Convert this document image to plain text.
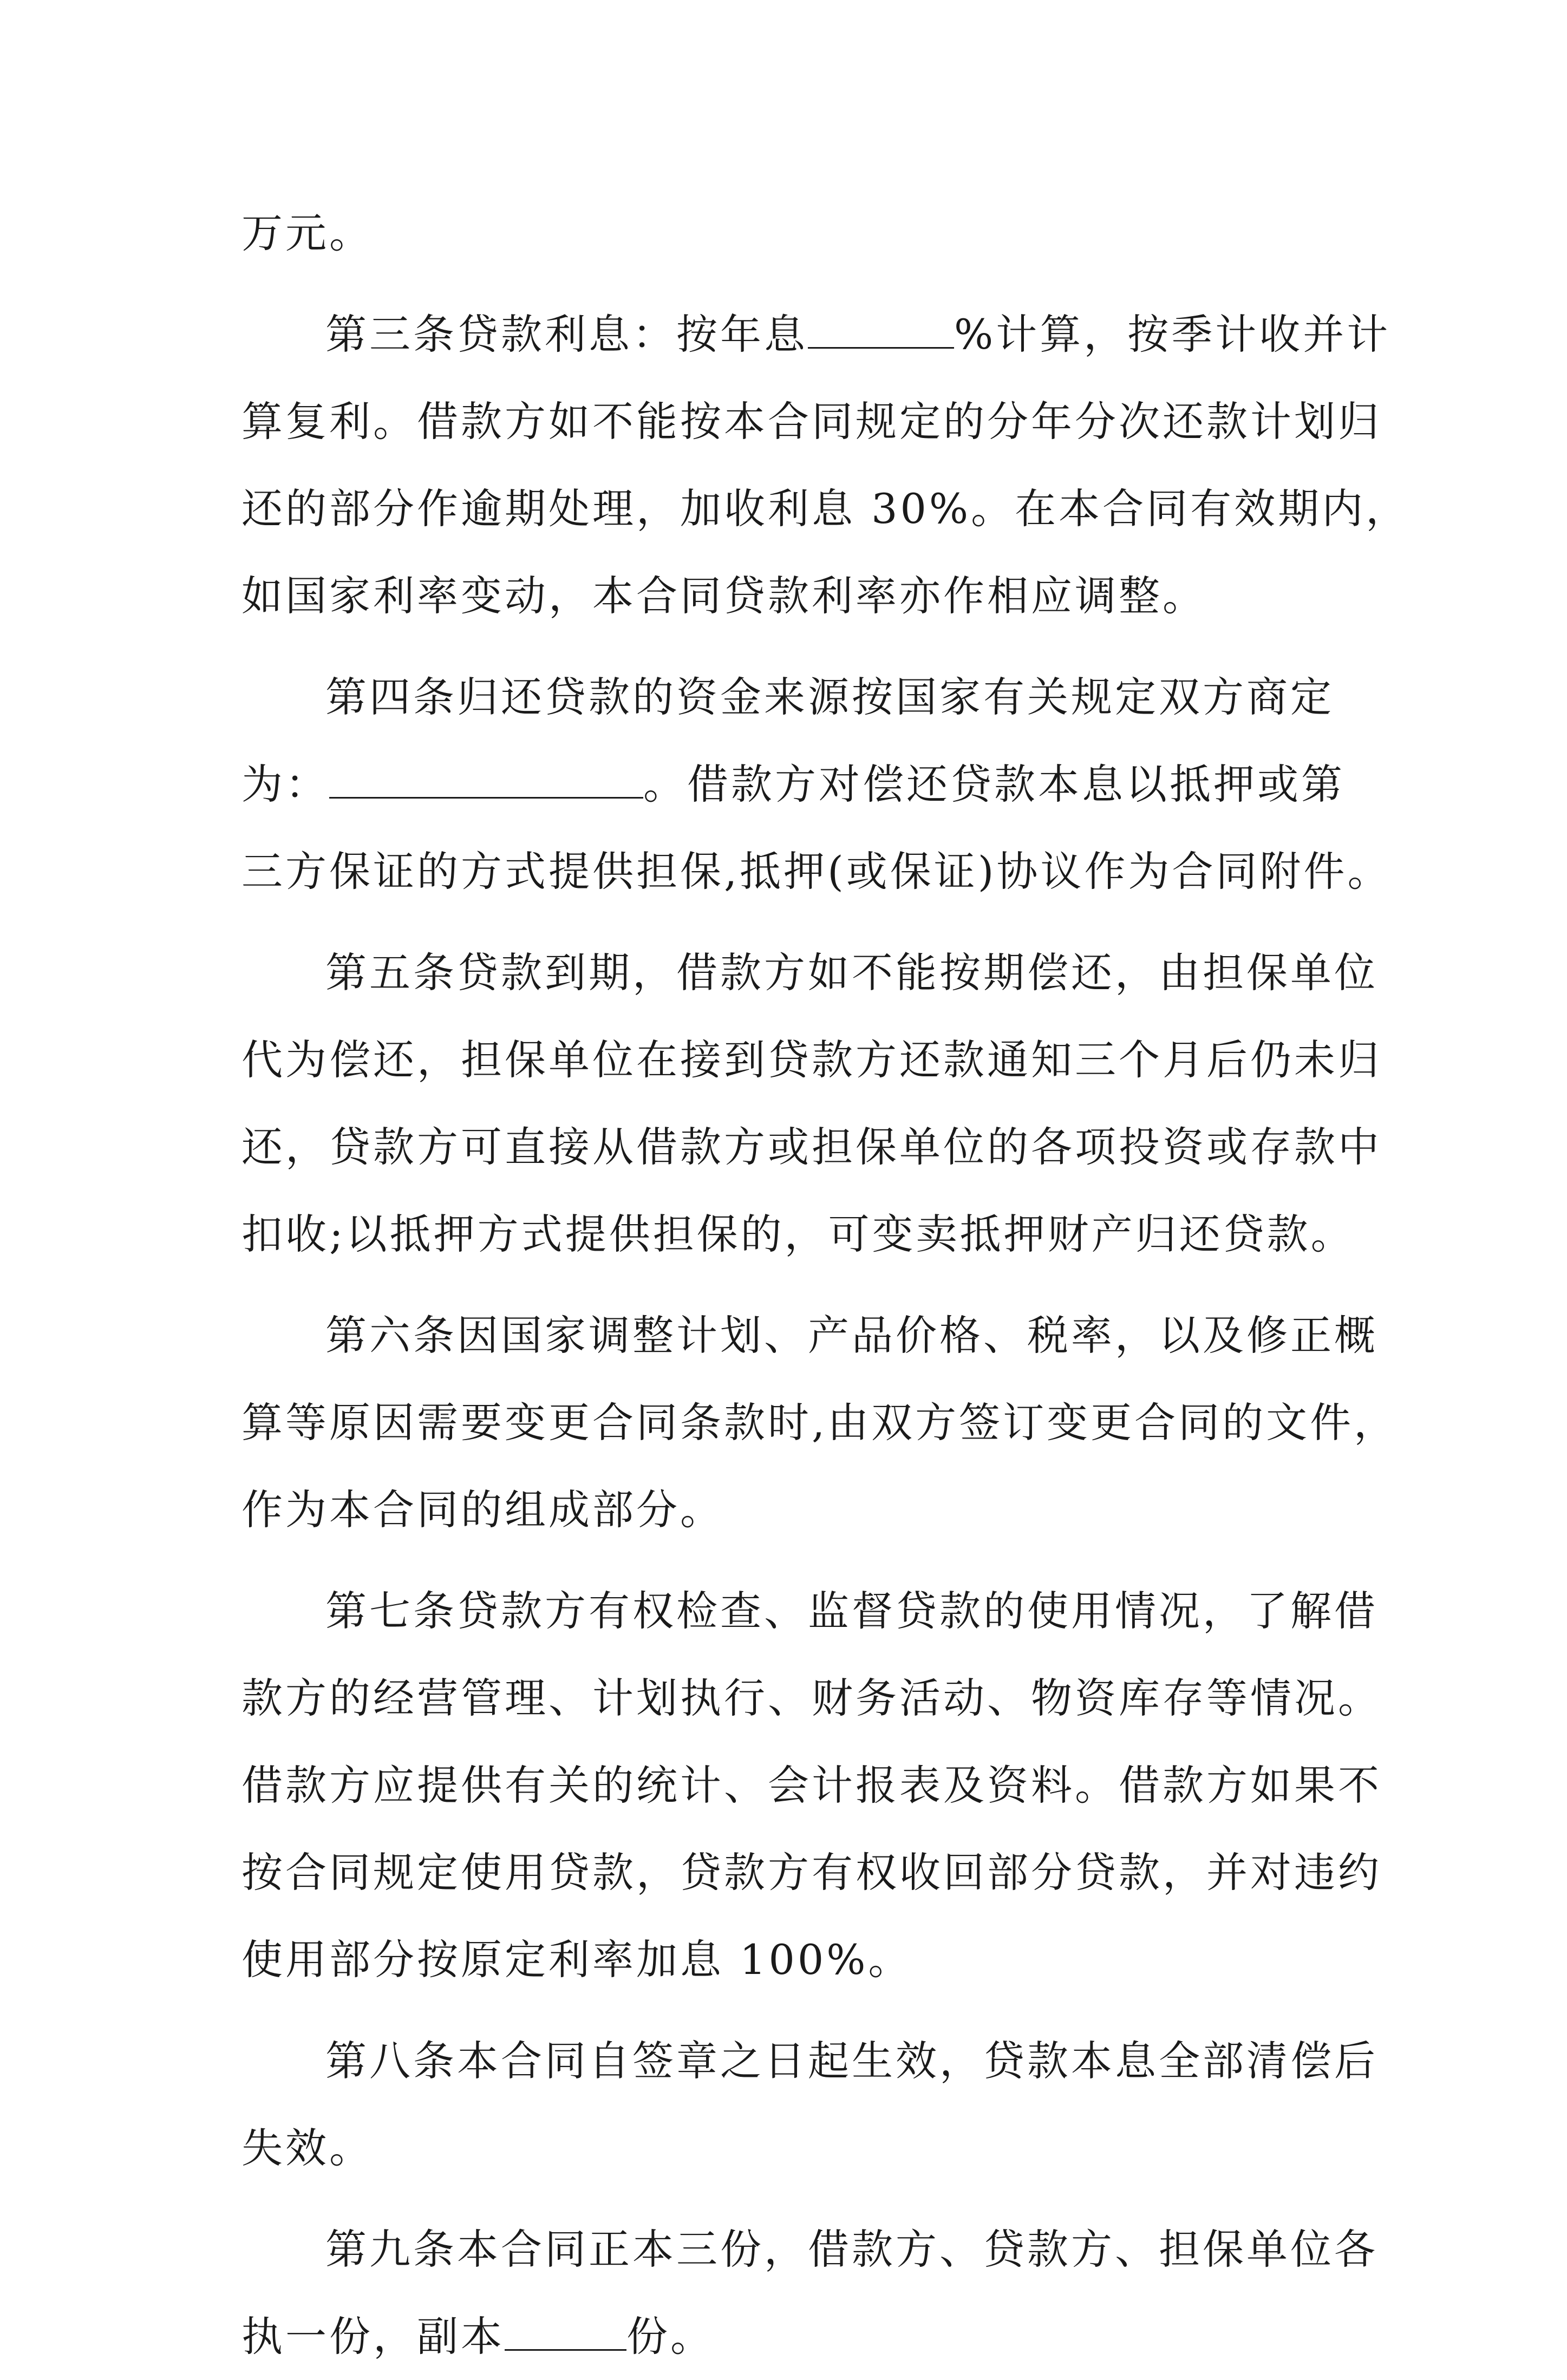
万元。
第三条贷款利息：按年息	%计算，按季计收并计
算复利。借款方如不能按本合同规定的分年分次还款计划归
还的部分作逾期处理，加收利息 30%。在本合同有效期内，
如国家利率变动，本合同贷款利率亦作相应调整。
第四条归还贷款的资金来源按国家有关规定双方商定
为：	。借款方对偿还贷款本息以抵押或第
三方保证的方式提供担保,抵押(或保证)协议作为合同附件。
第五条贷款到期，借款方如不能按期偿还，由担保单位
代为偿还，担保单位在接到贷款方还款通知三个月后仍未归
还，贷款方可直接从借款方或担保单位的各项投资或存款中
扣收;以抵押方式提供担保的，可变卖抵押财产归还贷款。
第六条因国家调整计划、产品价格、税率，以及修正概
算等原因需要变更合同条款时,由双方签订变更合同的文件，
作为本合同的组成部分。
第七条贷款方有权检查、监督贷款的使用情况，了解借
款方的经营管理、计划执行、财务活动、物资库存等情况。
借款方应提供有关的统计、会计报表及资料。借款方如果不
按合同规定使用贷款，贷款方有权收回部分贷款，并对违约
使用部分按原定利率加息 100%。
第八条本合同自签章之日起生效，贷款本息全部清偿后
失效。
第九条本合同正本三份，借款方、贷款方、担保单位各
执一份，副本	份。
